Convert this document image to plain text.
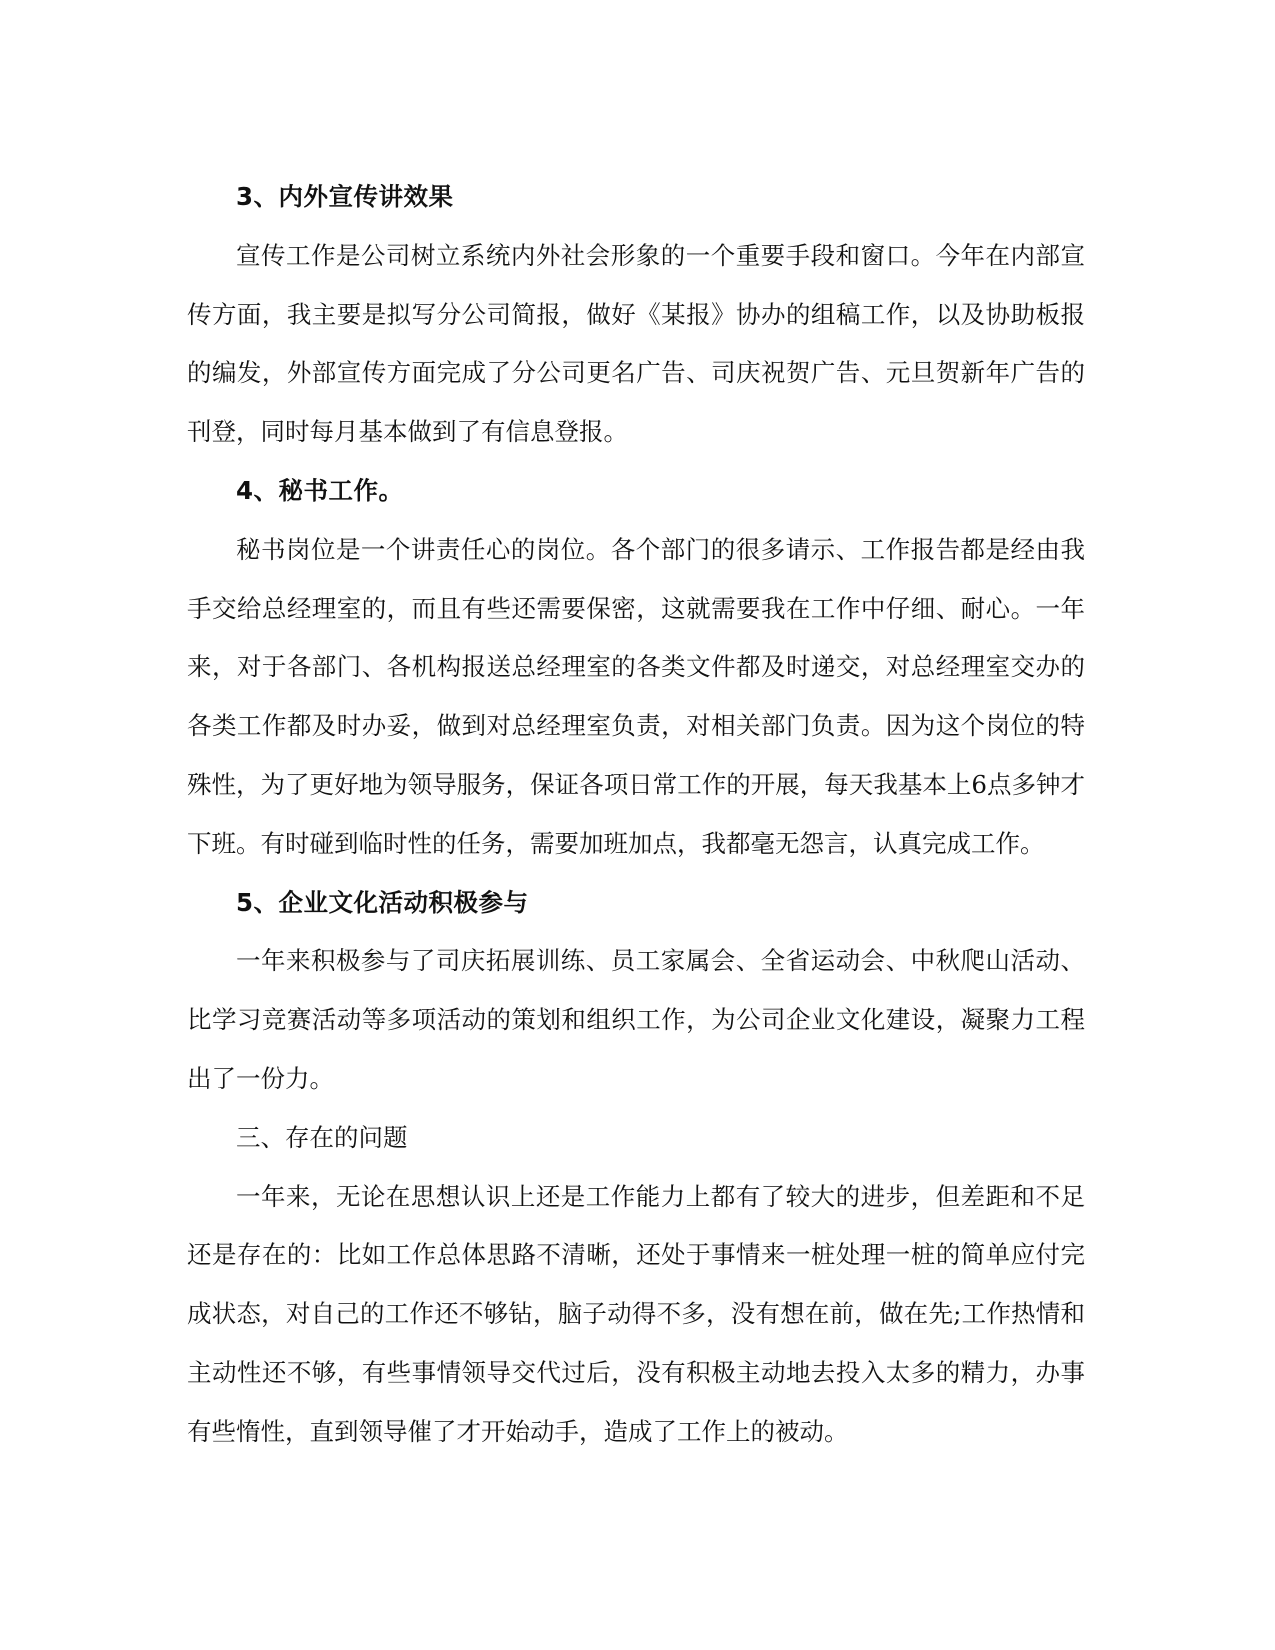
3、内外宣传讲效果

宣传工作是公司树立系统内外社会形象的一个重要手段和窗口。今年在内部宣传方面，我主要是拟写分公司简报，做好《某报》协办的组稿工作，以及协助板报的编发，外部宣传方面完成了分公司更名广告、司庆祝贺广告、元旦贺新年广告的刊登，同时每月基本做到了有信息登报。

4、秘书工作。

秘书岗位是一个讲责任心的岗位。各个部门的很多请示、工作报告都是经由我手交给总经理室的，而且有些还需要保密，这就需要我在工作中仔细、耐心。一年来，对于各部门、各机构报送总经理室的各类文件都及时递交，对总经理室交办的各类工作都及时办妥，做到对总经理室负责，对相关部门负责。因为这个岗位的特殊性，为了更好地为领导服务，保证各项日常工作的开展，每天我基本上6点多钟才下班。有时碰到临时性的任务，需要加班加点，我都毫无怨言，认真完成工作。

5、企业文化活动积极参与

一年来积极参与了司庆拓展训练、员工家属会、全省运动会、中秋爬山活动、比学习竞赛活动等多项活动的策划和组织工作，为公司企业文化建设，凝聚力工程出了一份力。

三、存在的问题

一年来，无论在思想认识上还是工作能力上都有了较大的进步，但差距和不足还是存在的：比如工作总体思路不清晰，还处于事情来一桩处理一桩的简单应付完成状态，对自己的工作还不够钻，脑子动得不多，没有想在前，做在先;工作热情和主动性还不够，有些事情领导交代过后，没有积极主动地去投入太多的精力，办事有些惰性，直到领导催了才开始动手，造成了工作上的被动。
